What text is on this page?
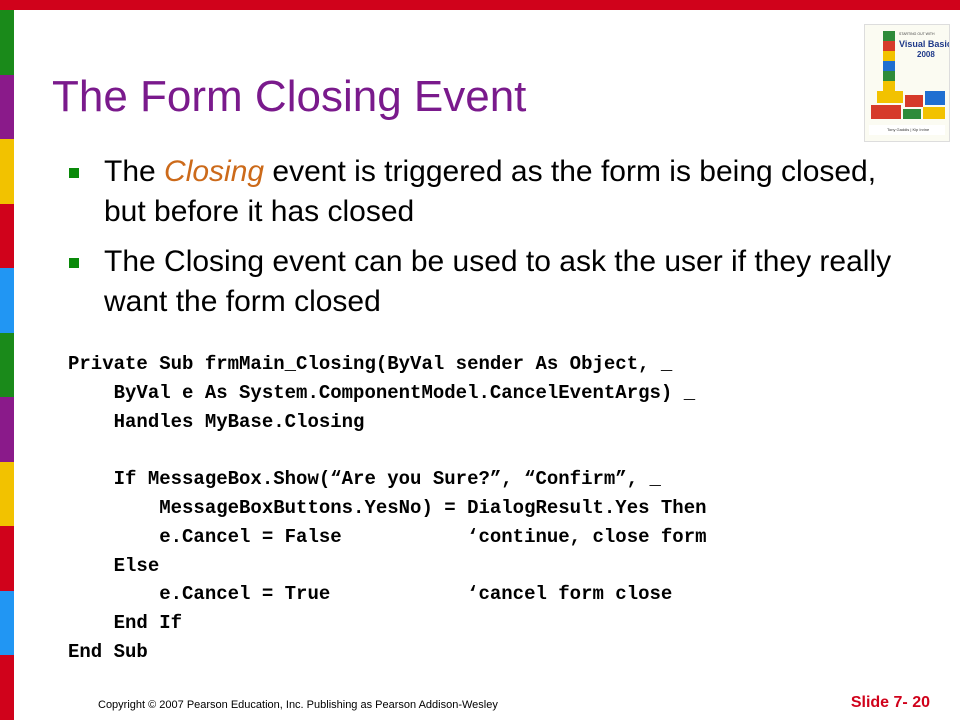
The Form Closing Event
STARTING OUT WITH
Visual Basic
2008
Tony Gaddis | Kip Irvine
The Closing event is triggered as the form is being closed, but before it has closed
The Closing event can be used to ask the user if they really want the form closed
Private Sub frmMain_Closing(ByVal sender As Object, _
ByVal e As System.ComponentModel.CancelEventArgs) _
Handles MyBase.Closing
If MessageBox.Show(“Are you Sure?”, “Confirm”, _
MessageBoxButtons.YesNo) = DialogResult.Yes Then
e.Cancel = False           ‘continue, close form
Else
e.Cancel = True            ‘cancel form close
End If
End Sub
Copyright © 2007 Pearson Education, Inc. Publishing as Pearson Addison-Wesley	Slide 7- 20
